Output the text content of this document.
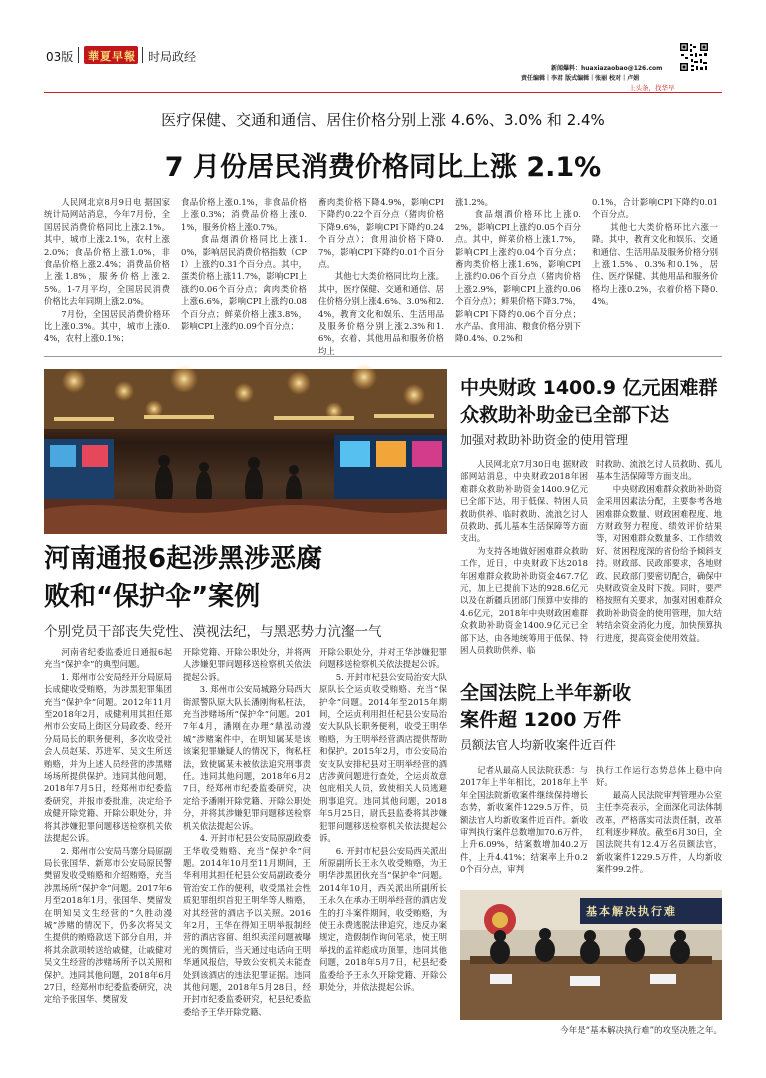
03版 華夏早報 时局政经
新闻爆料：huaxiazaobao@126.com
责任编辑｜李君 版式编辑｜张丽 校对｜卢娟
上头条，找华早
医疗保健、交通和通信、居住价格分别上涨 4.6%、3.0% 和 2.4%
7 月份居民消费价格同比上涨 2.1%
　　人民网北京8月9日电 据国家统计局网站消息，今年7月份，全国居民消费价格同比上涨2.1%。其中，城市上涨2.1%，农村上涨2.0%；食品价格上涨1.0%，非食品价格上涨2.4%；消费品价格上涨1.8%，服务价格上涨2.5%。1-7月平均，全国居民消费价格比去年同期上涨2.0%。
　　7月份，全国居民消费价格环比上涨0.3%。其中，城市上涨0.4%，农村上涨0.1%；
食品价格上涨0.1%，非食品价格上涨0.3%；消费品价格上涨0.1%，服务价格上涨0.7%。
　　食品烟酒价格同比上涨1.0%，影响居民消费价格指数（CPI）上涨约0.31个百分点。其中，蛋类价格上涨11.7%，影响CPI上涨约0.06个百分点；禽肉类价格上涨6.6%，影响CPI上涨约0.08个百分点；鲜菜价格上涨3.8%，影响CPI上涨约0.09个百分点；
畜肉类价格下降4.9%，影响CPI下降约0.22个百分点（猪肉价格下降9.6%，影响CPI下降约0.24个百分点）；食用油价格下降0.7%，影响CPI下降约0.01个百分点。
　　其他七大类价格同比均上涨。其中，医疗保健、交通和通信、居住价格分别上涨4.6%、3.0%和2.4%，教育文化和娱乐、生活用品及服务价格分别上涨2.3%和1.6%，衣着、其他用品和服务价格均上
涨1.2%。
　　食品烟酒价格环比上涨0.2%，影响CPI上涨约0.05个百分点。其中，鲜菜价格上涨1.7%，影响CPI上涨约0.04个百分点；畜肉类价格上涨1.6%，影响CPI上涨约0.06个百分点（猪肉价格上涨2.9%，影响CPI上涨约0.06个百分点）；鲜果价格下降3.7%，影响CPI下降约0.06个百分点；水产品、食用油、粮食价格分别下降0.4%、0.2%和
0.1%，合计影响CPI下降约0.01个百分点。
　　其他七大类价格环比六涨一降。其中，教育文化和娱乐、交通和通信、生活用品及服务价格分别上涨1.5%、0.3%和0.1%，居住、医疗保健、其他用品和服务价格均上涨0.2%，衣着价格下降0.4%。
河南通报6起涉黑涉恶腐
败和“保护伞”案例
个别党员干部丧失党性、漠视法纪，与黑恶势力沆瀣一气
　　河南省纪委监委近日通报6起充当“保护伞”的典型问题。
　　1. 郑州市公安局经开分局原局长成健收受贿赂，为涉黑犯罪集团充当“保护伞”问题。2012年11月至2018年2月，成健利用其担任郑州市公安局上街区分局政委、经开分局局长的职务便利，多次收受社会人员赵某、苏进军、吴文生所送贿赂，并为上述人员经营的涉黑赌场场所提供保护。违同其他问题，2018年7月5日，经郑州市纪委监委研究，并报市委批准，决定给予成健开除党籍、开除公职处分，并将其涉嫌犯罪问题移送检察机关依法提起公诉。
　　2. 郑州市公安局马寨分局原副局长张国华、新郑市公安局原民警樊留发收受贿赂和介绍贿赂，充当涉黑场所“保护伞”问题。2017年6月至2018年1月，张国华、樊留发在明知吴文生经营的“久胜动漫城”涉赌的情况下，仍多次将吴文生提供的贿赂款送下部分自用，并将其余款项转送给戚健，让戚健对吴文生经营的涉赌场所予以关照和保护。违同其他问题，2018年6月27日，经郑州市纪委监委研究，决定给予张国华、樊留发
开除党籍、开除公职处分，并将两人涉嫌犯罪问题移送检察机关依法提起公诉。
　　3. 郑州市公安局城路分局西大街派警队原大队长潘刚徇私枉法，充当涉赌场所“保护伞”问题。2017年4月，潘刚在办理“鼎泓动漫城”涉赌案件中，在明知属某是该该案犯罪嫌疑人的情况下，徇私枉法，致使属某未被依法追究刑事责任。违同其他问题，2018年6月27日，经郑州市纪委监委研究，决定给予潘刚开除党籍、开除公职处分，并将其涉嫌犯罪问题移送检察机关依法提起公诉。
　　4. 开封市杞县公安局原副政委王华收受贿赂、充当“保护伞”问题。2014年10月至11月期间，王华利用其担任杞县公安局副政委分管治安工作的便利，收受黑社会性质犯罪组织首犯王明华等人贿赂，对其经营的酒店予以关照。2016年2月，王华在得知王明举报制经营的酒店容留、组织卖淫问题被曝光的舆情后，当天通过电话向王明华通风报信，导致公安机关未能查处到该酒店的违法犯罪证据。违同其他问题，2018年5月28日，经开封市纪委监委研究，杞县纪委监委给予王华开除党籍、
开除公职处分，并对王华涉嫌犯罪问题移送检察机关依法提起公诉。
　　5. 开封市杞县公安局治安大队原队长仝运贞收受贿赂、充当“保护伞”问题。2014年至2015年期间，仝运贞利用担任杞县公安局治安大队队长职务便利，收受王明华贿赂，为王明举经营酒店提供帮助和保护。2015年2月，市公安局治安支队安排杞县对王明举经营的酒店涉黄问题进行查处，仝运贞故意包庇相关人员，致使相关人员逃避刑事追究。违同其他问题，2018年5月25日，尉氏县监委将其涉嫌犯罪问题移送检察机关依法提起公诉。
　　6. 开封市杞县公安局西关派出所原副所长王永久收受贿赂，为王明华涉黑团伙充当“保护伞”问题。2014年10月，西关派出所副所长王永久在承办王明举经营的酒店发生的打斗案件期间，收受贿赂，为使王永费逃脱法律追究，违反办案规定，造假制作询问笔录，使王明举找的孟祥彪成功顶罪，违同其他问题，2018年5月7日，杞县纪委监委给予王永久开除党籍、开除公职处分，并依法提起公诉。
中央财政 1400.9 亿元困难群
众救助补助金已全部下达
加强对救助补助资金的使用管理
　　人民网北京7月30日电 据财政部网站消息，中央财政2018年困难群众救助补助资金1400.9亿元已全部下达，用于低保、特困人员救助供养、临时救助、流浪乞讨人员救助、孤儿基本生活保障等方面支出。
　　为支持各地做好困难群众救助工作，近日，中央财政下达2018年困难群众救助补助资金467.7亿元，加上已提前下达的928.6亿元以及在新疆兵团部门预算中安排的4.6亿元，2018年中央财政困难群众救助补助资金1400.9亿元已全部下达，由各地统筹用于低保、特困人员救助供养、临
时救助、流浪乞讨人员救助、孤儿基本生活保障等方面支出。
　　中央财政困难群众救助补助资金采用因素法分配，主要参考各地困难群众数量、财政困难程度、地方财政努力程度、绩效评价结果等，对困难群众数量多、工作绩效好、贫困程度深的省份给予倾斜支持。财政部、民政部要求，各地财政、民政部门要密切配合，确保中央财政资金及时下拨。同时，要严格按照有关要求，加强对困难群众救助补助资金的使用管理，加大结转结余资金消化力度，加快预算执行进度，提高资金使用效益。
全国法院上半年新收
案件超 1200 万件
员额法官人均新收案件近百件
　　记者从最高人民法院获悉：与2017年上半年相比，2018年上半年全国法院新收案件继续保持增长态势，新收案件1229.5万件，员额法官人均新收案件近百件。新收审判执行案件总数增加70.6万件，上升6.09%，结案数增加40.2万件，上升4.41%；结案率上升0.20个百分点，审判
执行工作运行态势总体上稳中向好。
　　最高人民法院审判管理办公室主任李亮表示，全面深化司法体制改革，严格落实司法责任制，改革红利逐步释放。截至6月30日，全国法院共有12.4万名员额法官，新收案件1229.5万件，人均新收案件99.2件。
基本解决执行难
今年是“基本解决执行难”的攻坚决胜之年。
